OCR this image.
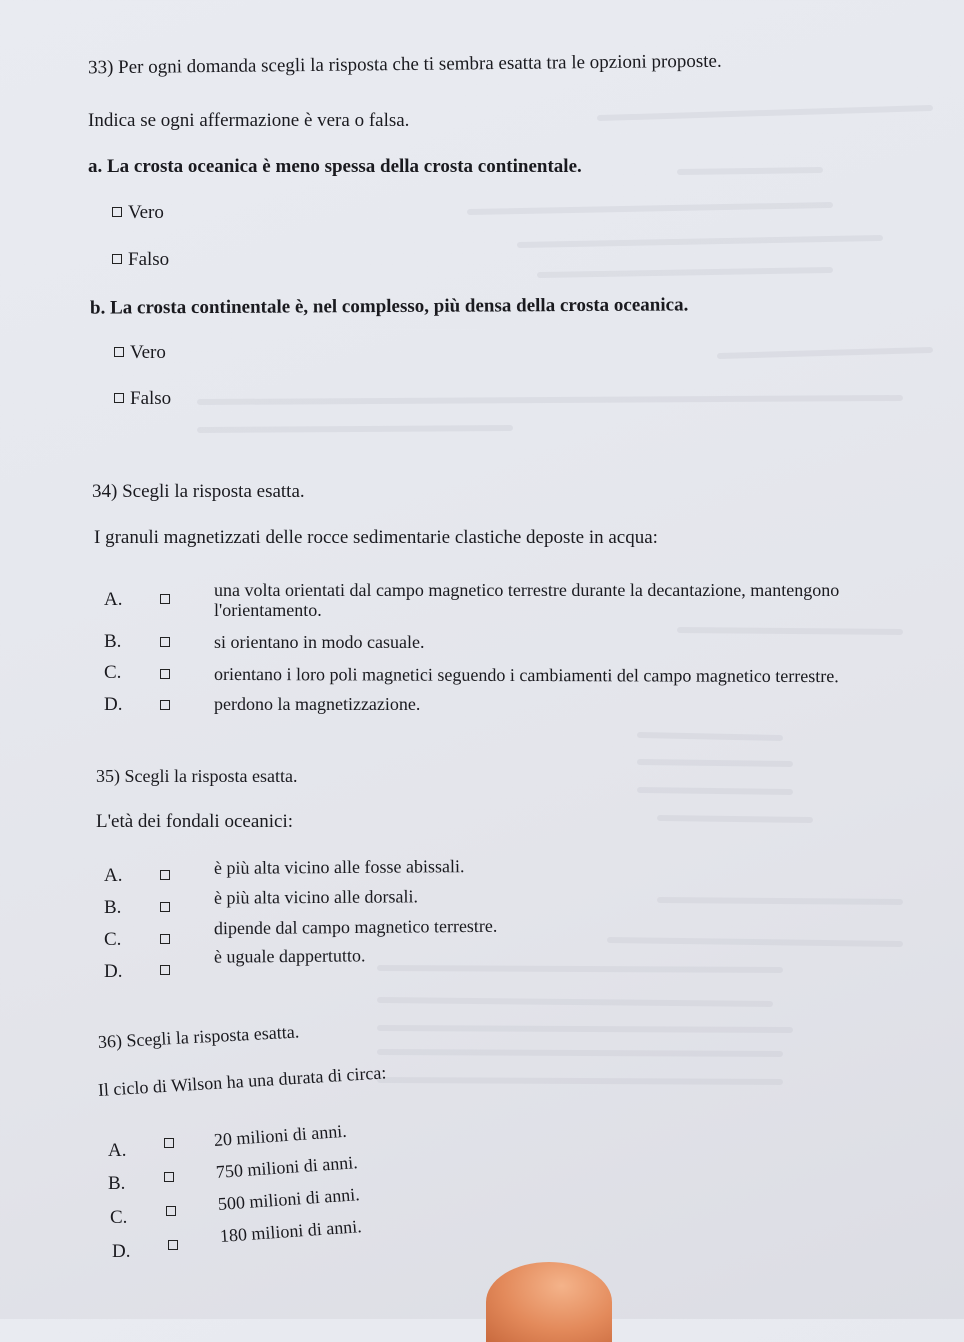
33) Per ogni domanda scegli la risposta che ti sembra esatta tra le opzioni proposte.
Indica se ogni affermazione è vera o falsa.
a. La crosta oceanica è meno spessa della crosta continentale.
Vero
Falso
b. La crosta continentale è, nel complesso, più densa della crosta oceanica.
Vero
Falso
34) Scegli la risposta esatta.
I granuli magnetizzati delle rocce sedimentarie clastiche deposte in acqua:
A.	una volta orientati dal campo magnetico terrestre durante la decantazione, mantengono
l'orientamento.
B.	si orientano in modo casuale.
C.	orientano i loro poli magnetici seguendo i cambiamenti del campo magnetico terrestre.
D.	perdono la magnetizzazione.
35) Scegli la risposta esatta.
L'età dei fondali oceanici:
A.	è più alta vicino alle fosse abissali.
B.	è più alta vicino alle dorsali.
C.
dipende dal campo magnetico terrestre.
D.
è uguale dappertutto.
36) Scegli la risposta esatta.
Il ciclo di Wilson ha una durata di circa:
A.
20 milioni di anni.
B.
750 milioni di anni.
C.
500 milioni di anni.
D.
180 milioni di anni.
